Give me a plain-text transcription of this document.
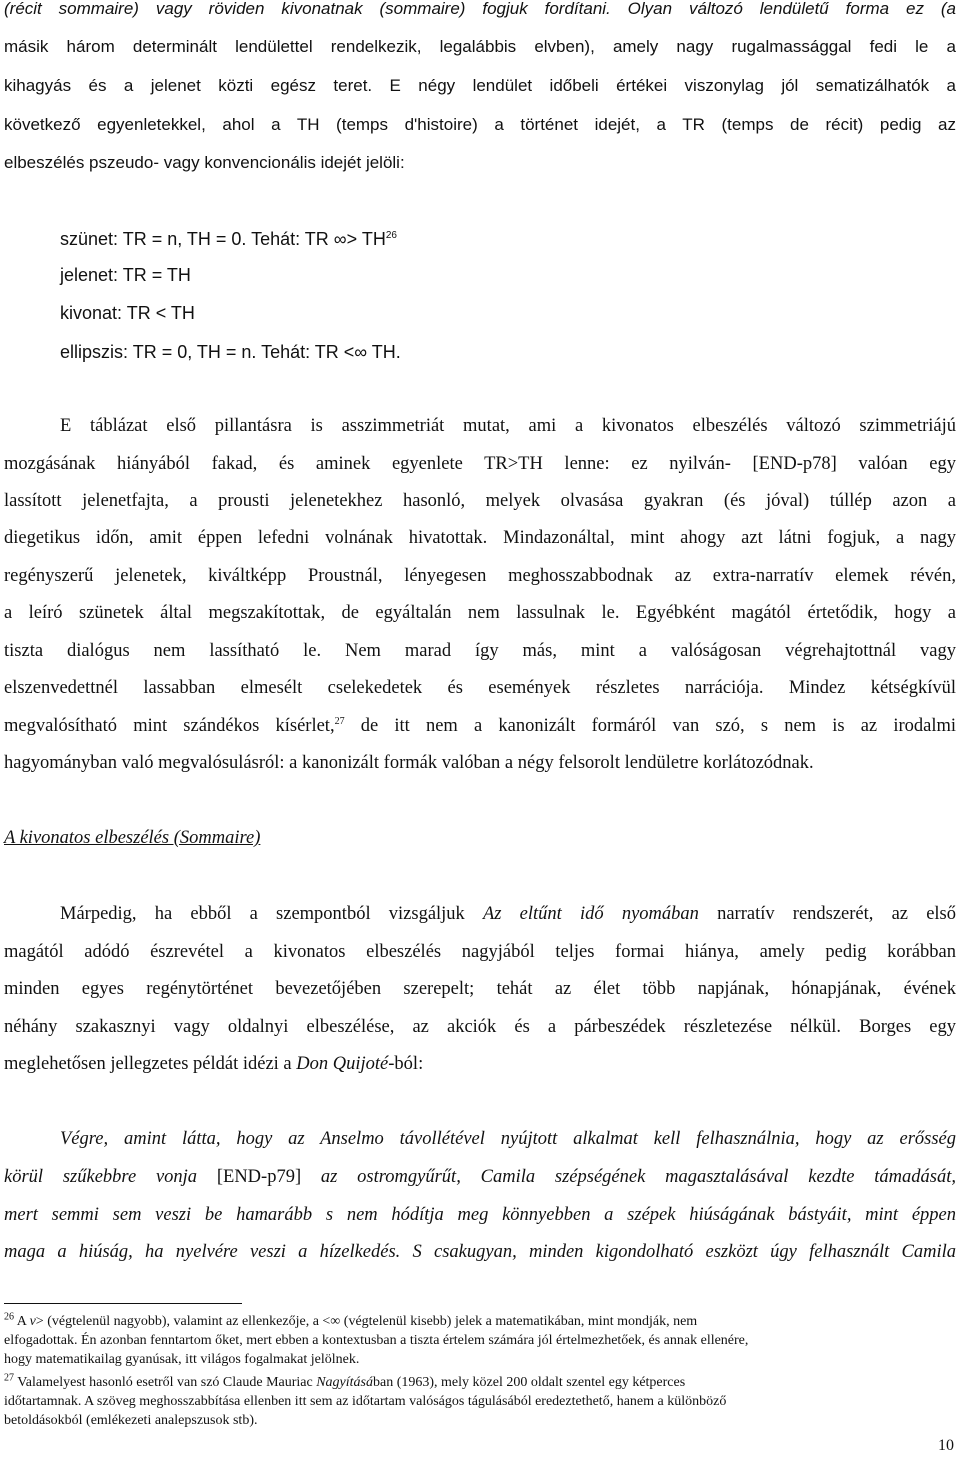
(récit sommaire) vagy röviden kivonatnak (sommaire) fogjuk fordítani. Olyan változó lendületű forma ez (a
másik három determinált lendülettel rendelkezik, legalábbis elvben), amely nagy rugalmassággal fedi le a
kihagyás és a jelenet közti egész teret. E négy lendület időbeli értékei viszonylag jól sematizálhatók a
következő egyenletekkel, ahol a TH (temps d'histoire) a történet idejét, a TR (temps de récit) pedig az
elbeszélés pszeudo- vagy konvencionális idejét jelöli:
szünet: TR = n, TH = 0. Tehát: TR ∞> $TH^{26}$
jelenet: TR = TH
kivonat: TR < TH
ellipszis: TR = 0, TH = n. Tehát: TR <∞ TH.
E táblázat első pillantásra is asszimmetriát mutat, ami a kivonatos elbeszélés változó szimmetriájú
mozgásának hiányából fakad, és aminek egyenlete TR>TH lenne: ez nyilván- [END-p78] valóan egy
lassított jelenetfajta, a prousti jelenetekhez hasonló, melyek olvasása gyakran (és jóval) túllép azon a
diegetikus időn, amit éppen lefedni volnának hivatottak. Mindazonáltal, mint ahogy azt látni fogjuk, a nagy
regényszerű jelenetek, kiváltképp Proustnál, lényegesen meghosszabbodnak az extra-narratív elemek révén,
a leíró szünetek által megszakítottak, de egyáltalán nem lassulnak le. Egyébként magától értetődik, hogy a
tiszta dialógus nem lassítható le. Nem marad így más, mint a valóságosan végrehajtottnál vagy
elszenvedettnél lassabban elmesélt cselekedetek és események részletes narrációja. Mindez kétségkívül
megvalósítható mint szándékos kísérlet,$^{27}$ de itt nem a kanonizált formáról van szó, s nem is az irodalmi
hagyományban való megvalósulásról: a kanonizált formák valóban a négy felsorolt lendületre korlátozódnak.
A kivonatos elbeszélés (Sommaire)
Márpedig, ha ebből a szempontból vizsgáljuk Az eltűnt idő nyomában narratív rendszerét, az első
magától adódó észrevétel a kivonatos elbeszélés nagyjából teljes formai hiánya, amely pedig korábban
minden egyes regénytörténet bevezetőjében szerepelt; tehát az élet több napjának, hónapjának, évének
néhány szakasznyi vagy oldalnyi elbeszélése, az akciók és a párbeszédek részletezése nélkül. Borges egy
meglehetősen jellegzetes példát idézi a Don Quijoté-ból:
Végre, amint látta, hogy az Anselmo távollétével nyújtott alkalmat kell felhasználnia, hogy az erősség
körül szűkebbre vonja [END-p79] az ostromgyűrűt, Camila szépségének magasztalásával kezdte támadását,
mert semmi sem veszi be hamarább s nem hódítja meg könnyebben a szépek hiúságának bástyáit, mint éppen
maga a hiúság, ha nyelvére veszi a hízelkedés. S csakugyan, minden kigondolható eszközt úgy felhasznált Camila
$^{26}$ A v> (végtelenül nagyobb), valamint az ellenkezője, a <∞ (végtelenül kisebb) jelek a matematikában, mint mondják, nem
elfogadottak. Én azonban fenntartom őket, mert ebben a kontextusban a tiszta értelem számára jól értelmezhetőek, és annak ellenére,
hogy matematikailag gyanúsak, itt világos fogalmakat jelölnek.
$^{27}$ Valamelyest hasonló esetről van szó Claude Mauriac Nagyításában (1963), mely közel 200 oldalt szentel egy kétperces
időtartamnak. A szöveg meghosszabbítása ellenben itt sem az időtartam valóságos tágulásából eredeztethető, hanem a különböző
betoldásokból (emlékezeti analepszusok stb).
10
